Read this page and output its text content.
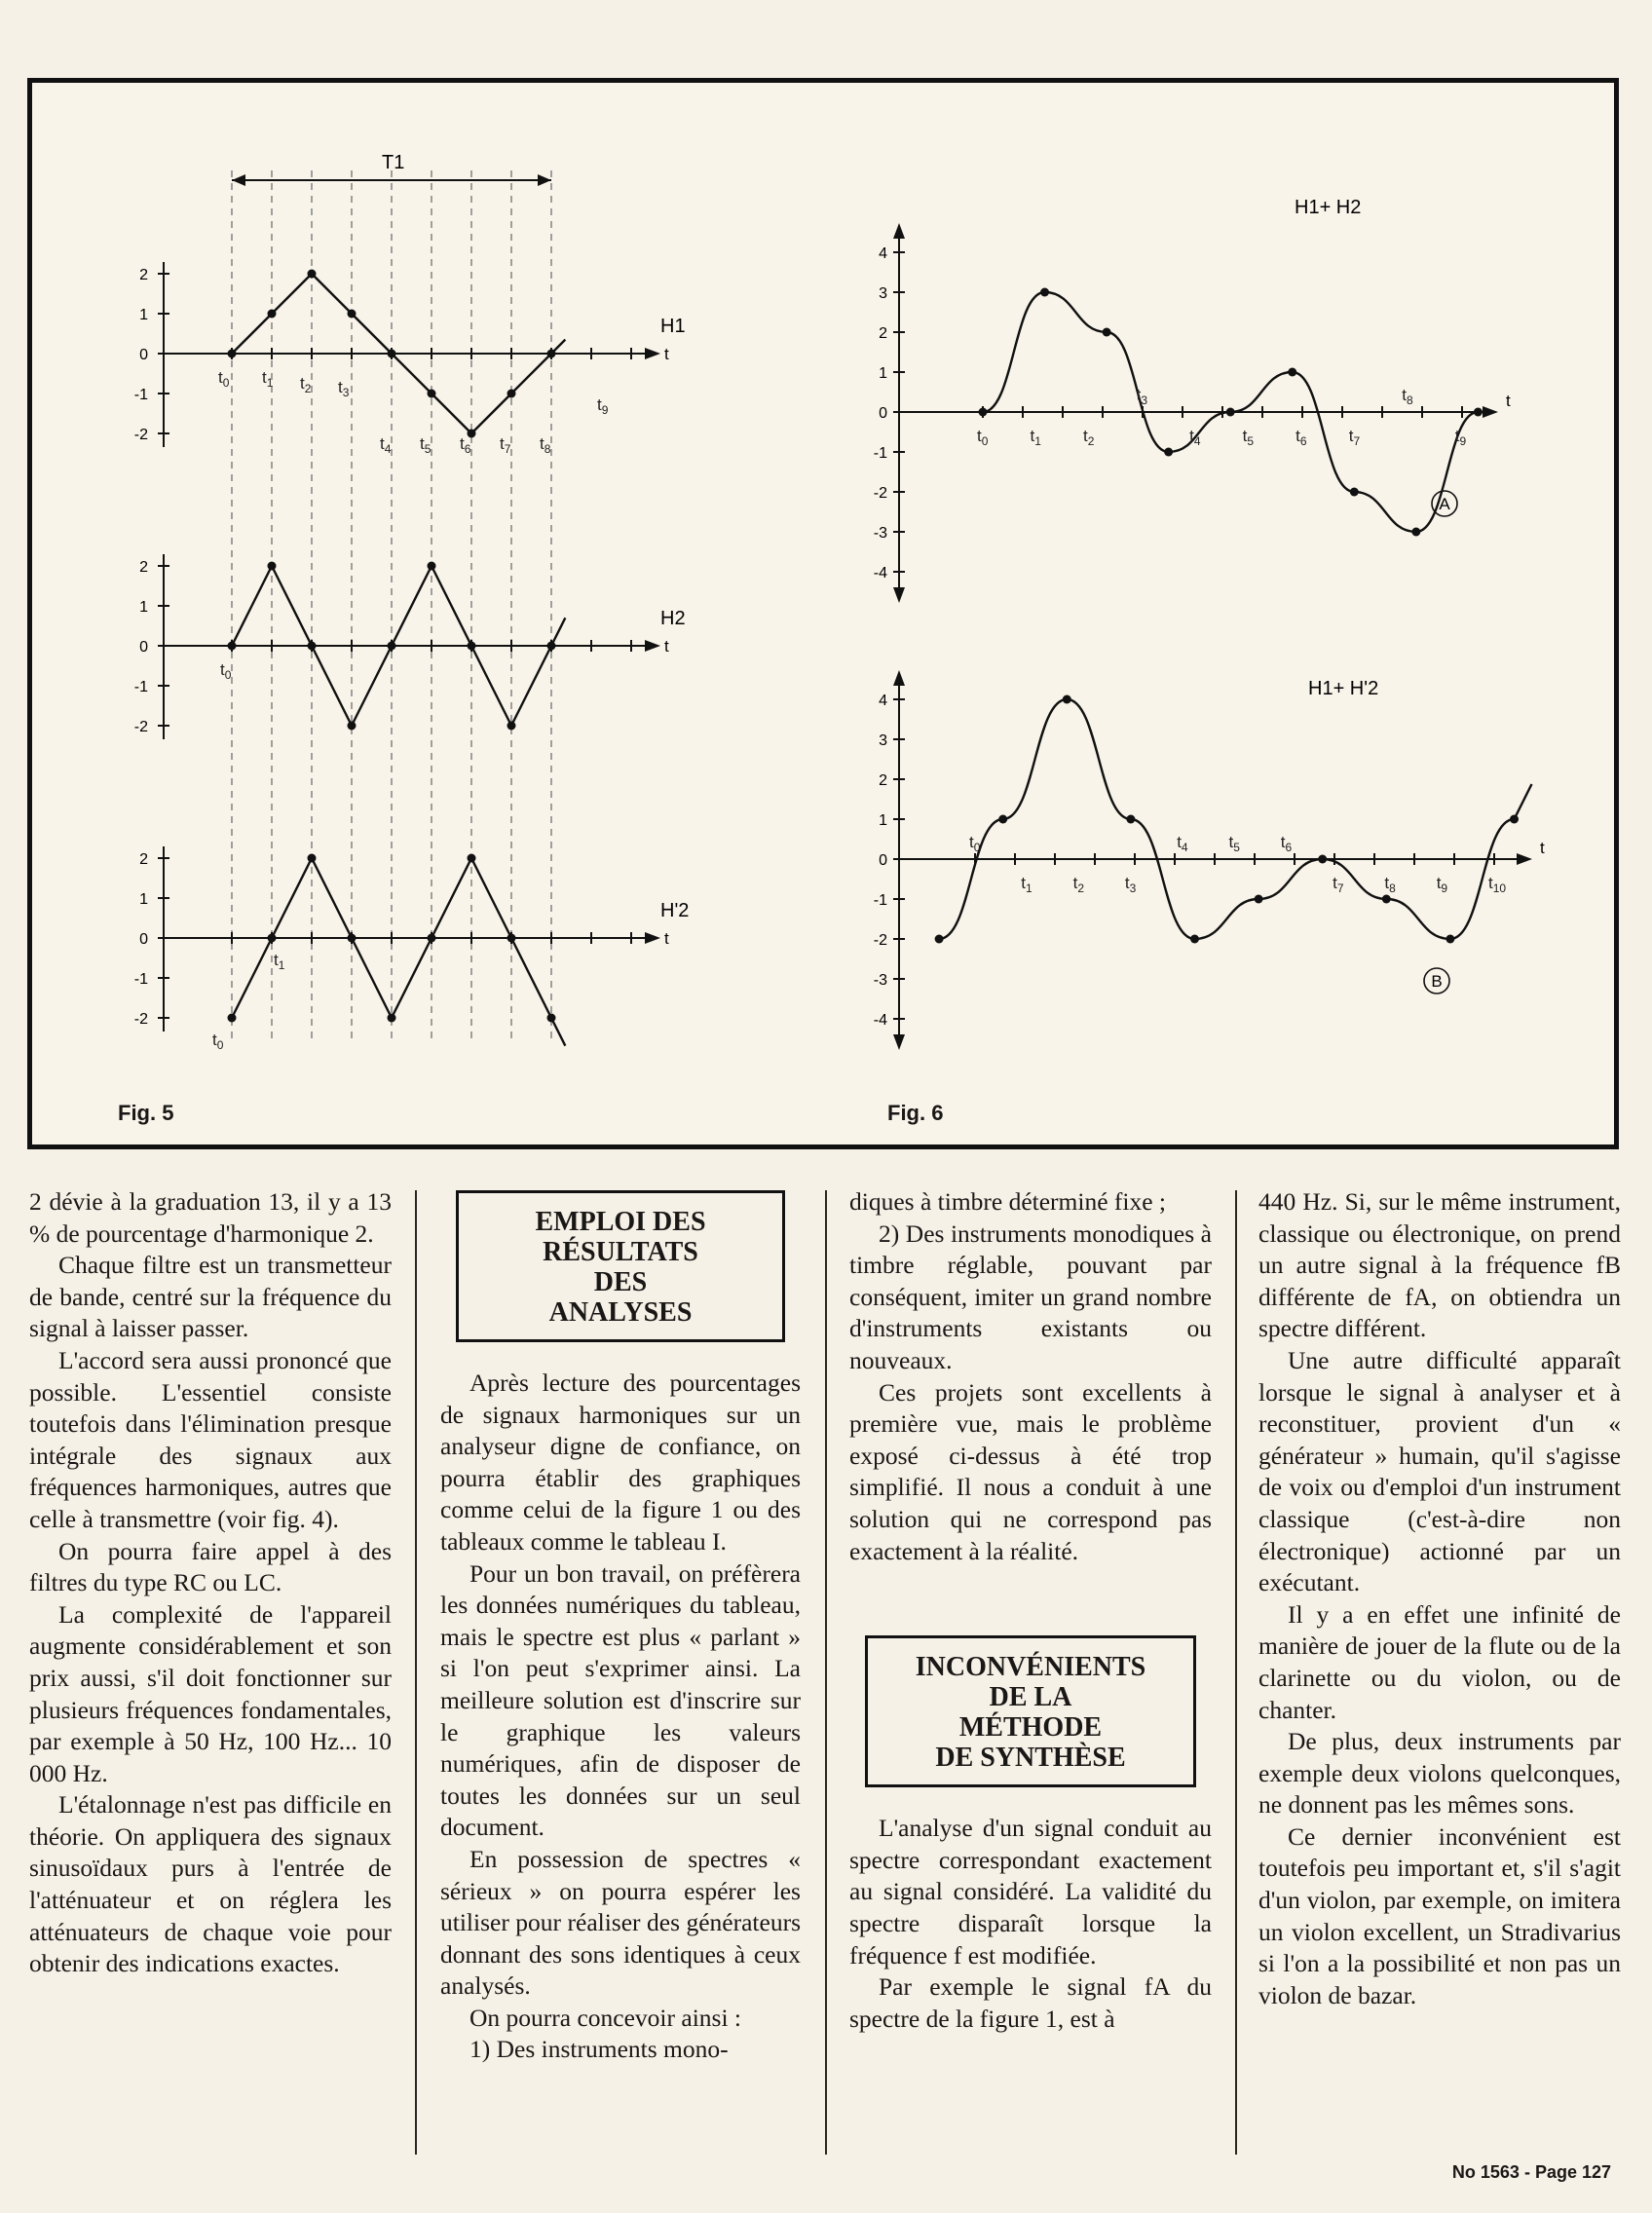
T1
t
2
1
0
-1
-2
H1
$t_0$ $t_1$ $t_2$ $t_3$
$t_4$ $t_5$ $t_6$ $t_7$ $t_8$
$t_9$
t
2
1
0
-1
-2
H2
$t_0$
t
2
1
0
-1
-2
H'2
$t_0$
$t_1$
t
4
3
2
1
0
-1
-2
-3
-4
H1+ H2
A
$t_0$	$t_1$	$t_2$
$t_3$
$t_4$	$t_5$	$t_6$	$t_7$
$t_8$
$t_9$
t
4
3
2
1
0
-1
-2
-3
-4
H1+ H'2
B
$t_0$
$t_1$ $t_2$ $t_3$
$t_4$ $t_5$ $t_6$
$t_7$ $t_8$ $t_9$ $t_{10}$
Fig. 5	Fig. 6

2 dévie à la graduation 13, il y a 13 % de pourcentage d'harmonique 2.

Chaque filtre est un transmetteur de bande, centré sur la fréquence du signal à laisser passer.

L'accord sera aussi prononcé que possible. L'essentiel consiste toutefois dans l'élimination presque intégrale des signaux aux fréquences harmoniques, autres que celle à transmettre (voir fig. 4).

On pourra faire appel à des filtres du type RC ou LC.

La complexité de l'appareil augmente considérablement et son prix aussi, s'il doit fonctionner sur plusieurs fréquences fondamentales, par exemple à 50 Hz, 100 Hz... 10 000 Hz.

L'étalonnage n'est pas difficile en théorie. On appliquera des signaux sinusoïdaux purs à l'entrée de l'atténuateur et on réglera les atténuateurs de chaque voie pour obtenir des indications exactes.

EMPLOI DES
RÉSULTATS
DES
ANALYSES

Après lecture des pourcentages de signaux harmoniques sur un analyseur digne de confiance, on pourra établir des graphiques comme celui de la figure 1 ou des tableaux comme le tableau I.

Pour un bon travail, on préfèrera les données numériques du tableau, mais le spectre est plus « parlant » si l'on peut s'exprimer ainsi. La meilleure solution est d'inscrire sur le graphique les valeurs numériques, afin de disposer de toutes les données sur un seul document.

En possession de spectres « sérieux » on pourra espérer les utiliser pour réaliser des générateurs donnant des sons identiques à ceux analysés.

On pourra concevoir ainsi :

1) Des instruments mono-

diques à timbre déterminé fixe ;

2) Des instruments monodiques à timbre réglable, pouvant par conséquent, imiter un grand nombre d'instruments existants ou nouveaux.

Ces projets sont excellents à première vue, mais le problème exposé ci-dessus à été trop simplifié. Il nous a conduit à une solution qui ne correspond pas exactement à la réalité.

INCONVÉNIENTS
DE LA
MÉTHODE
DE SYNTHÈSE

L'analyse d'un signal conduit au spectre correspondant exactement au signal considéré. La validité du spectre disparaît lorsque la fréquence f est modifiée.

Par exemple le signal fA du spectre de la figure 1, est à

440 Hz. Si, sur le même instrument, classique ou électronique, on prend un autre signal à la fréquence fB différente de fA, on obtiendra un spectre différent.

Une autre difficulté apparaît lorsque le signal à analyser et à reconstituer, provient d'un « générateur » humain, qu'il s'agisse de voix ou d'emploi d'un instrument classique (c'est-à-dire non électronique) actionné par un exécutant.

Il y a en effet une infinité de manière de jouer de la flute ou de la clarinette ou du violon, ou de chanter.

De plus, deux instruments par exemple deux violons quelconques, ne donnent pas les mêmes sons.

Ce dernier inconvénient est toutefois peu important et, s'il s'agit d'un violon, par exemple, on imitera un violon excellent, un Stradivarius si l'on a la possibilité et non pas un violon de bazar.

No 1563 - Page 127
